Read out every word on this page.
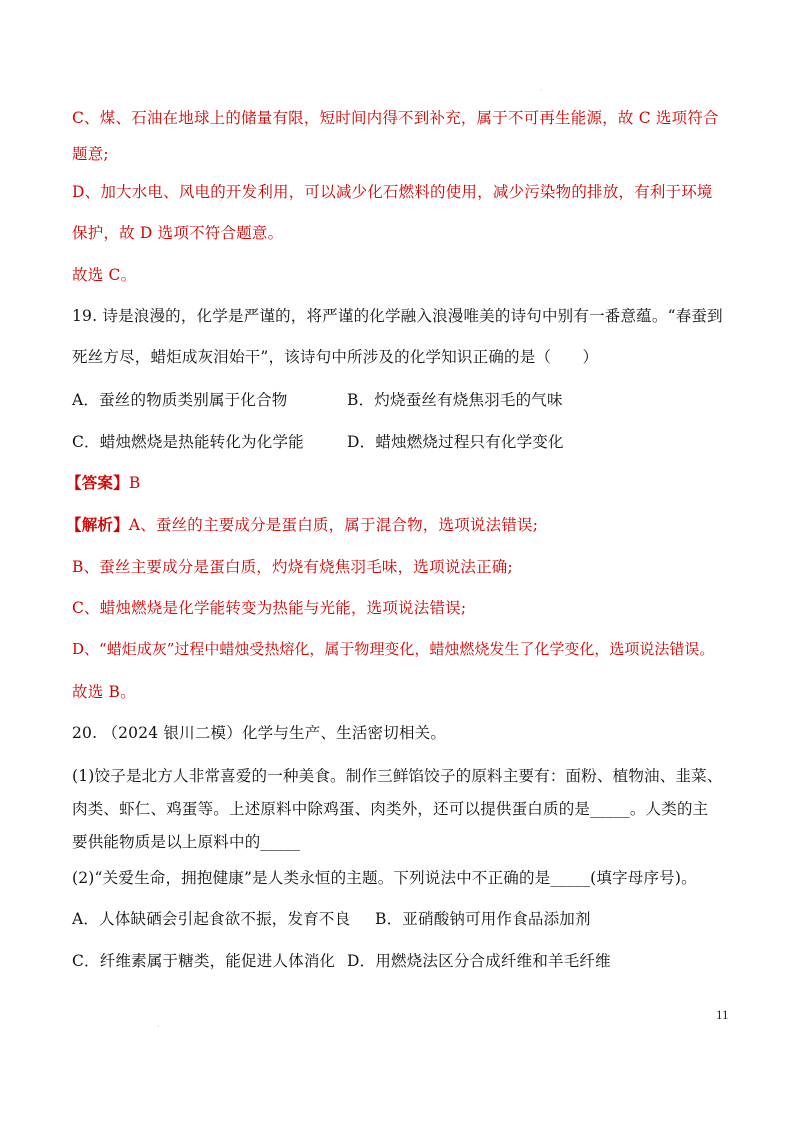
·
C、煤、石油在地球上的储量有限，短时间内得不到补充，属于不可再生能源，故 C 选项符合
题意;
D、加大水电、风电的开发利用，可以减少化石燃料的使用，减少污染物的排放，有利于环境
保护，故 D 选项不符合题意。
故选 C。
19. 诗是浪漫的，化学是严谨的，将严谨的化学融入浪漫唯美的诗句中别有一番意蕴。“春蚕到
死丝方尽，蜡炬成灰泪始干”，该诗句中所涉及的化学知识正确的是（　　）
A．蚕丝的物质类别属于化合物	B．灼烧蚕丝有烧焦羽毛的气味
C．蜡烛燃烧是热能转化为化学能	D．蜡烛燃烧过程只有化学变化
【答案】B
【解析】A、蚕丝的主要成分是蛋白质，属于混合物，选项说法错误;
B、蚕丝主要成分是蛋白质，灼烧有烧焦羽毛味，选项说法正确;
C、蜡烛燃烧是化学能转变为热能与光能，选项说法错误;
D、“蜡炬成灰”过程中蜡烛受热熔化，属于物理变化，蜡烛燃烧发生了化学变化，选项说法错误。
故选 B。
20. （2024 银川二模）化学与生产、生活密切相关。
(1)饺子是北方人非常喜爱的一种美食。制作三鲜馅饺子的原料主要有：面粉、植物油、韭菜、
肉类、虾仁、鸡蛋等。上述原料中除鸡蛋、肉类外，还可以提供蛋白质的是_____。人类的主
要供能物质是以上原料中的_____
(2)“关爱生命，拥抱健康”是人类永恒的主题。下列说法中不正确的是_____(填字母序号)。
A．人体缺硒会引起食欲不振，发育不良 B．亚硝酸钠可用作食品添加剂
C．纤维素属于糖类，能促进人体消化 D．用燃烧法区分合成纤维和羊毛纤维
11
·
